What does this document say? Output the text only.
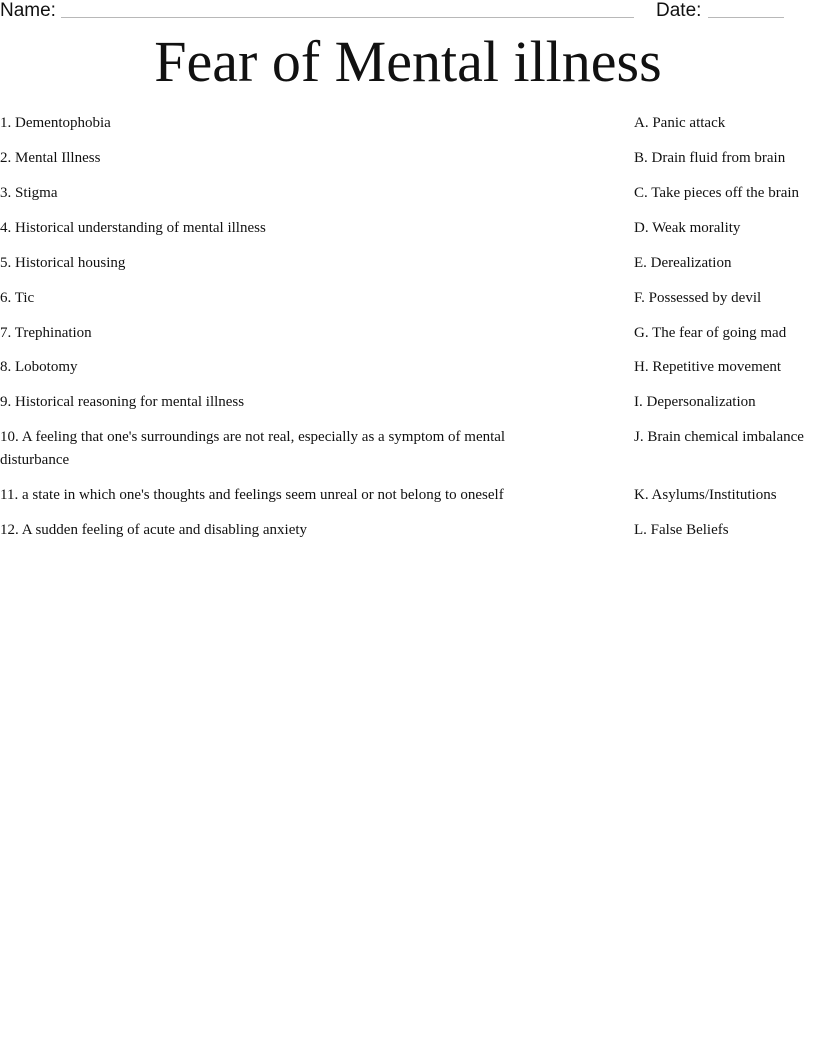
Name:	Date:
Fear of Mental illness
1. Dementophobia
2. Mental Illness
3. Stigma
4. Historical understanding of mental illness
5. Historical housing
6. Tic
7. Trephination
8. Lobotomy
9. Historical reasoning for mental illness
10. A feeling that one's surroundings are not real, especially as a symptom of mental disturbance
11. a state in which one's thoughts and feelings seem unreal or not belong to oneself
12. A sudden feeling of acute and disabling anxiety
A. Panic attack
B. Drain fluid from brain
C. Take pieces off the brain
D. Weak morality
E. Derealization
F. Possessed by devil
G. The fear of going mad
H. Repetitive movement
I. Depersonalization
J. Brain chemical imbalance
K. Asylums/Institutions
L. False Beliefs
